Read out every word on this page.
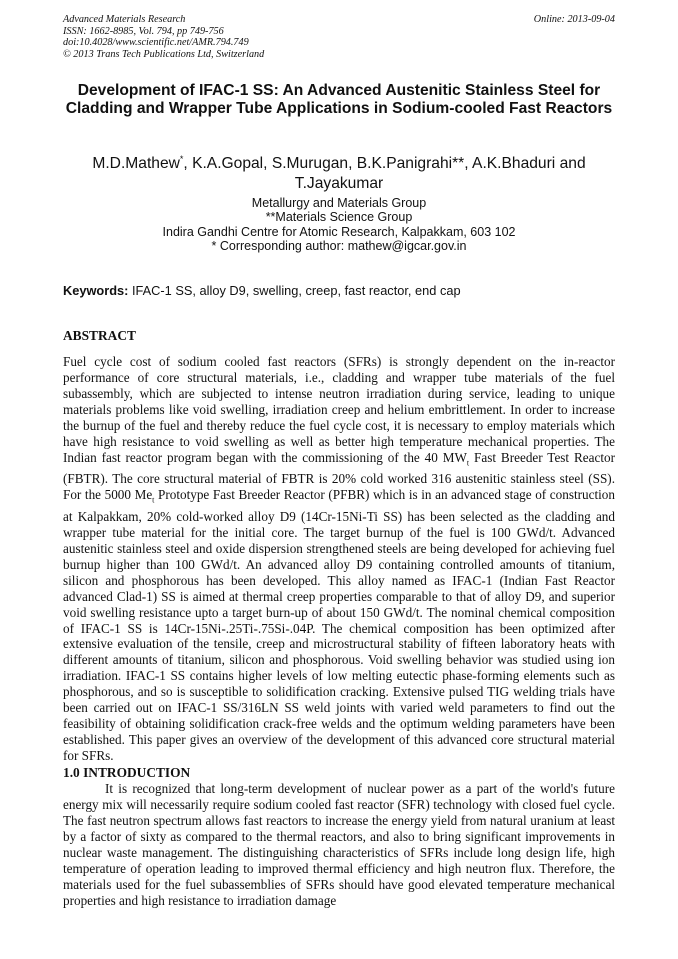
Advanced Materials Research
ISSN: 1662-8985, Vol. 794, pp 749-756
doi:10.4028/www.scientific.net/AMR.794.749
© 2013 Trans Tech Publications Ltd, Switzerland
Online: 2013-09-04
Development of IFAC-1 SS: An Advanced Austenitic Stainless Steel for Cladding and Wrapper Tube Applications in Sodium-cooled Fast Reactors
M.D.Mathew*, K.A.Gopal, S.Murugan, B.K.Panigrahi**, A.K.Bhaduri and T.Jayakumar
Metallurgy and Materials Group
**Materials Science Group
Indira Gandhi Centre for Atomic Research, Kalpakkam, 603 102
* Corresponding author: mathew@igcar.gov.in
Keywords: IFAC-1 SS, alloy D9, swelling, creep, fast reactor, end cap
ABSTRACT
Fuel cycle cost of sodium cooled fast reactors (SFRs) is strongly dependent on the in-reactor performance of core structural materials, i.e., cladding and wrapper tube materials of the fuel subassembly, which are subjected to intense neutron irradiation during service, leading to unique materials problems like void swelling, irradiation creep and helium embrittlement. In order to increase the burnup of the fuel and thereby reduce the fuel cycle cost, it is necessary to employ materials which have high resistance to void swelling as well as better high temperature mechanical properties. The Indian fast reactor program began with the commissioning of the 40 $MW_t$ Fast Breeder Test Reactor (FBTR). The core structural material of FBTR is 20% cold worked 316 austenitic stainless steel (SS). For the 5000 $Me_t$ Prototype Fast Breeder Reactor (PFBR) which is in an advanced stage of construction at Kalpakkam, 20% cold-worked alloy D9 (14Cr-15Ni-Ti SS) has been selected as the cladding and wrapper tube material for the initial core. The target burnup of the fuel is 100 GWd/t. Advanced austenitic stainless steel and oxide dispersion strengthened steels are being developed for achieving fuel burnup higher than 100 GWd/t. An advanced alloy D9 containing controlled amounts of titanium, silicon and phosphorous has been developed. This alloy named as IFAC-1 (Indian Fast Reactor advanced Clad-1) SS is aimed at thermal creep properties comparable to that of alloy D9, and superior void swelling resistance upto a target burn-up of about 150 GWd/t. The nominal chemical composition of IFAC-1 SS is 14Cr-15Ni-.25Ti-.75Si-.04P. The chemical composition has been optimized after extensive evaluation of the tensile, creep and microstructural stability of fifteen laboratory heats with different amounts of titanium, silicon and phosphorous. Void swelling behavior was studied using ion irradiation. IFAC-1 SS contains higher levels of low melting eutectic phase-forming elements such as phosphorous, and so is susceptible to solidification cracking. Extensive pulsed TIG welding trials have been carried out on IFAC-1 SS/316LN SS weld joints with varied weld parameters to find out the feasibility of obtaining solidification crack-free welds and the optimum welding parameters have been established. This paper gives an overview of the development of this advanced core structural material for SFRs.
1.0 INTRODUCTION
It is recognized that long-term development of nuclear power as a part of the world's future energy mix will necessarily require sodium cooled fast reactor (SFR) technology with closed fuel cycle. The fast neutron spectrum allows fast reactors to increase the energy yield from natural uranium at least by a factor of sixty as compared to the thermal reactors, and also to bring significant improvements in nuclear waste management. The distinguishing characteristics of SFRs include long design life, high temperature of operation leading to improved thermal efficiency and high neutron flux. Therefore, the materials used for the fuel subassemblies of SFRs should have good elevated temperature mechanical properties and high resistance to irradiation damage
